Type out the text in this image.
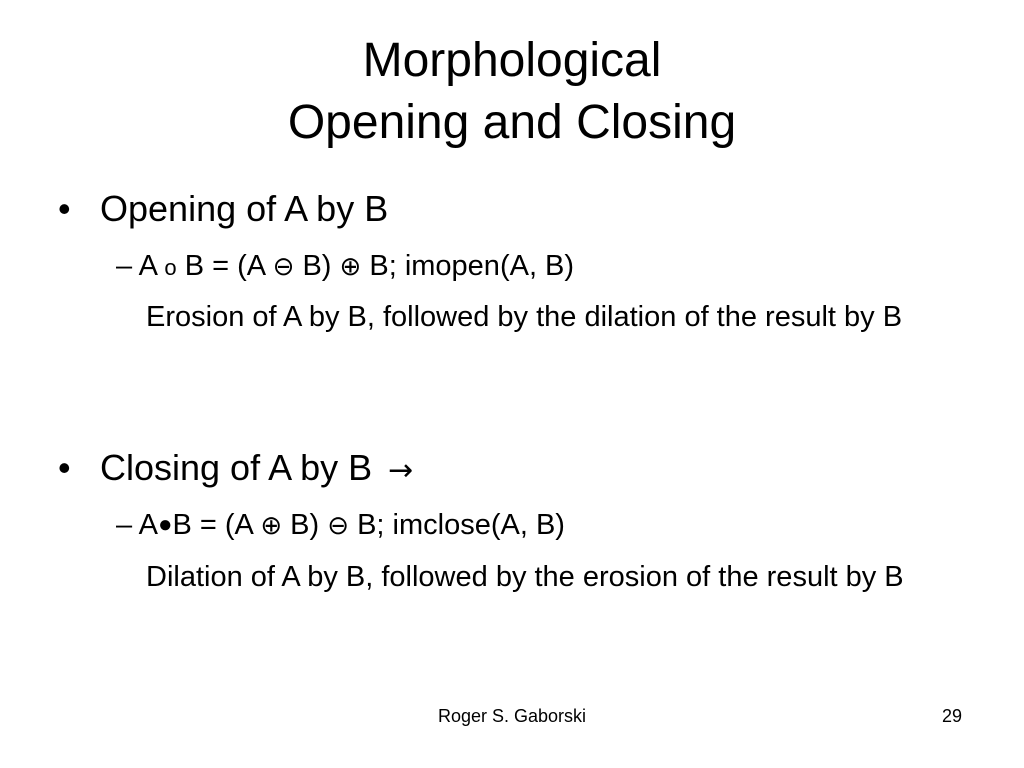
Morphological
Opening and Closing
• Opening of A by B
– A o B = (A ⊖ B) ⊕ B; imopen(A, B)
Erosion of A by B, followed by the dilation of the result by B
• Closing of A by B →
– A●B = (A ⊕ B) ⊖ B; imclose(A, B)
Dilation of A by B, followed by the erosion of the result by B
Roger S. Gaborski	29
